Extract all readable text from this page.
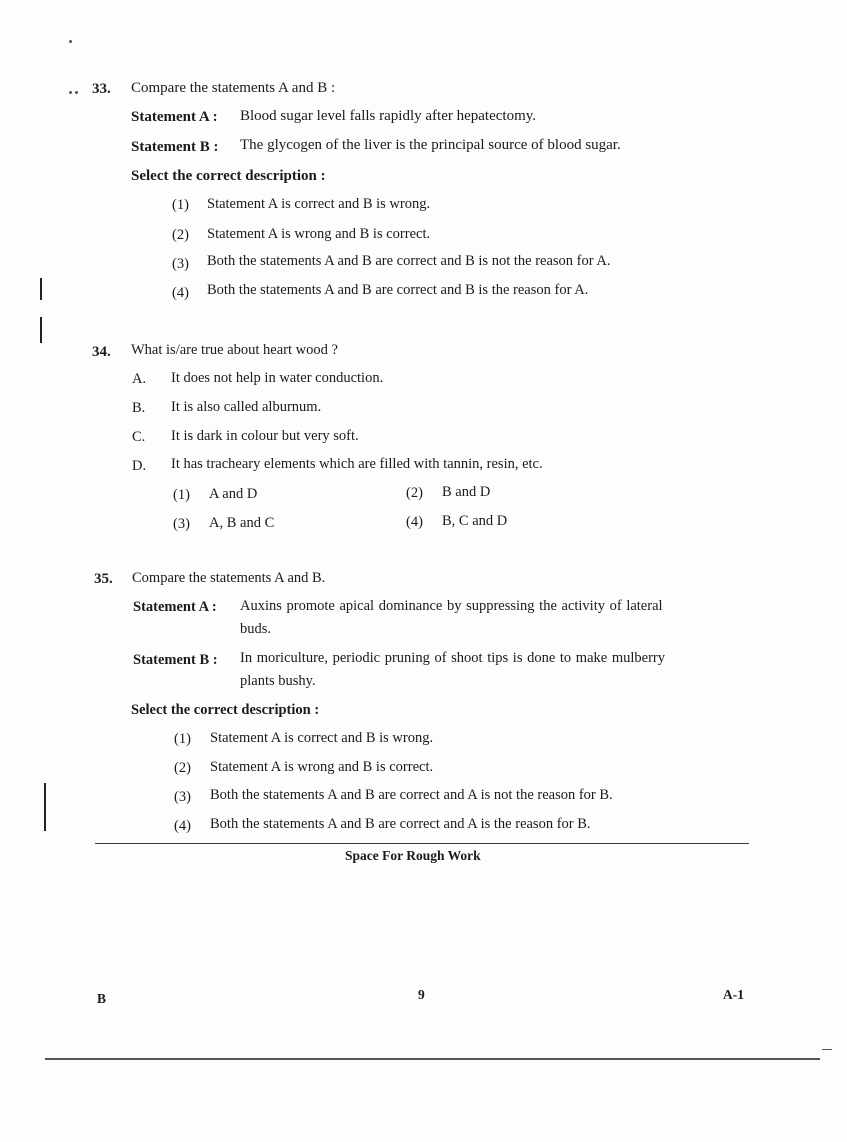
33. Compare the statements A and B :
Statement A : Blood sugar level falls rapidly after hepatectomy.
Statement B : The glycogen of the liver is the principal source of blood sugar.
Select the correct description :
(1) Statement A is correct and B is wrong.
(2) Statement A is wrong and B is correct.
(3) Both the statements A and B are correct and B is not the reason for A.
(4) Both the statements A and B are correct and B is the reason for A.
34. What is/are true about heart wood ?
A. It does not help in water conduction.
B. It is also called alburnum.
C. It is dark in colour but very soft.
D. It has tracheary elements which are filled with tannin, resin, etc.
(1) A and D	(2) B and D
(3) A, B and C	(4) B, C and D
35. Compare the statements A and B.
Statement A : Auxins promote apical dominance by suppressing the activity of lateral
buds.
Statement B : In moriculture, periodic pruning of shoot tips is done to make mulberry
plants bushy.
Select the correct description :
(1) Statement A is correct and B is wrong.
(2) Statement A is wrong and B is correct.
(3) Both the statements A and B are correct and A is not the reason for B.
(4) Both the statements A and B are correct and A is the reason for B.
Space For Rough Work
B	9	A-1
